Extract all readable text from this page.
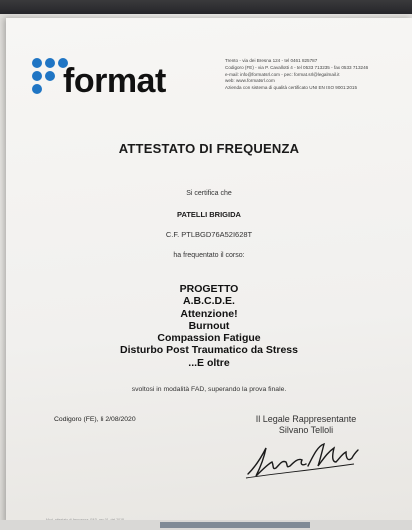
format
Trento - via dei Bresna 124 - tel 0461 825787
Codigoro (FE) - via P. Cavallotti 4 - tel 0533 713235 - fax 0533 713246
e-mail: info@formatsrl.com - pec: format.srl@legalmail.it
web: www.formatsrl.com
Azienda con sistema di qualità certificato UNI EN ISO 9001:2015
ATTESTATO DI FREQUENZA
Si certifica che
PATELLI BRIGIDA
C.F. PTLBGD76A52I628T
ha frequentato il corso:
PROGETTO
A.B.C.D.E.
Attenzione!
Burnout
Compassion Fatigue
Disturbo Post Traumatico da Stress
...E oltre
svoltosi in modalità FAD, superando la prova finale.
Codigoro (FE), li 2/08/2020	Il Legale Rappresentante
Silvano Telloli
